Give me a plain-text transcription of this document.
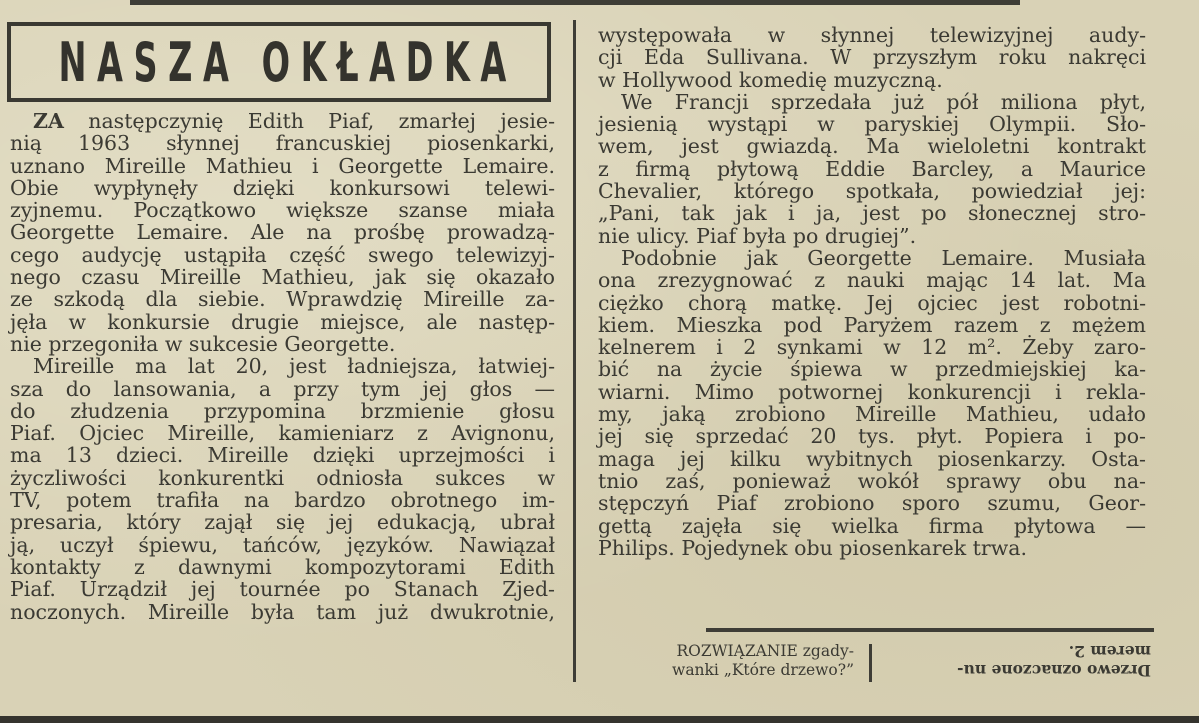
NASZA OKŁADKA
ZA następczynię Edith Piaf, zmarłej jesie-
nią 1963 słynnej francuskiej piosenkarki,
uznano Mireille Mathieu i Georgette Lemaire.
Obie wypłynęły dzięki konkursowi telewi-
zyjnemu. Początkowo większe szanse miała
Georgette Lemaire. Ale na prośbę prowadzą-
cego audycję ustąpiła część swego telewizyj-
nego czasu Mireille Mathieu, jak się okazało
ze szkodą dla siebie. Wprawdzię Mireille za-
jęła w konkursie drugie miejsce, ale następ-
nie przegoniła w sukcesie Georgette.
Mireille ma lat 20, jest ładniejsza, łatwiej-
sza do lansowania, a przy tym jej głos —
do złudzenia przypomina brzmienie głosu
Piaf. Ojciec Mireille, kamieniarz z Avignonu,
ma 13 dzieci. Mireille dzięki uprzejmości i
życzliwości konkurentki odniosła sukces w
TV, potem trafiła na bardzo obrotnego im-
presaria, który zajął się jej edukacją, ubrał
ją, uczył śpiewu, tańców, języków. Nawiązał
kontakty z dawnymi kompozytorami Edith
Piaf. Urządził jej tournée po Stanach Zjed-
noczonych. Mireille była tam już dwukrotnie,
występowała w słynnej telewizyjnej audy-
cji Eda Sullivana. W przyszłym roku nakręci
w Hollywood komedię muzyczną.
We Francji sprzedała już pół miliona płyt,
jesienią wystąpi w paryskiej Olympii. Sło-
wem, jest gwiazdą. Ma wieloletni kontrakt
z firmą płytową Eddie Barcley, a Maurice
Chevalier, którego spotkała, powiedział jej:
„Pani, tak jak i ja, jest po słonecznej stro-
nie ulicy. Piaf była po drugiej”.
Podobnie jak Georgette Lemaire. Musiała
ona zrezygnować z nauki mając 14 lat. Ma
ciężko chorą matkę. Jej ojciec jest robotni-
kiem. Mieszka pod Paryżem razem z mężem
kelnerem i 2 synkami w 12 m². Żeby zaro-
bić na życie śpiewa w przedmiejskiej ka-
wiarni. Mimo potwornej konkurencji i rekla-
my, jaką zrobiono Mireille Mathieu, udało
jej się sprzedać 20 tys. płyt. Popiera i po-
maga jej kilku wybitnych piosenkarzy. Osta-
tnio zaś, ponieważ wokół sprawy obu na-
stępczyń Piaf zrobiono sporo szumu, Geor-
gettą zajęła się wielka firma płytowa —
Philips. Pojedynek obu piosenkarek trwa.
ROZWIĄZANIE zgady-
wanki „Które drzewo?”	Drzewo oznaczone nu-
merem 2.
